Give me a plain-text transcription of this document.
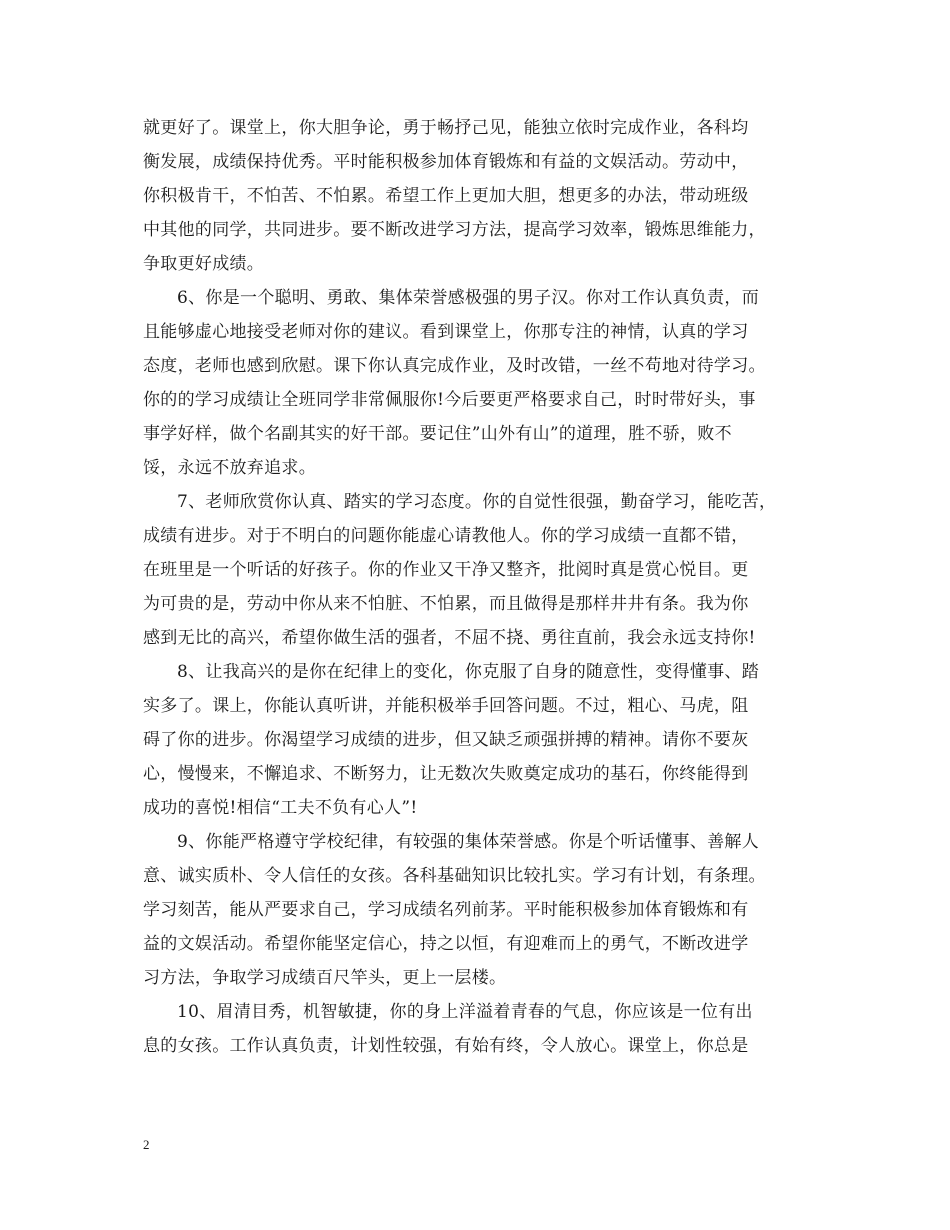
就更好了。课堂上，你大胆争论，勇于畅抒己见，能独立依时完成作业，各科均
衡发展，成绩保持优秀。平时能积极参加体育锻炼和有益的文娱活动。劳动中，
你积极肯干，不怕苦、不怕累。希望工作上更加大胆，想更多的办法，带动班级
中其他的同学，共同进步。要不断改进学习方法，提高学习效率，锻炼思维能力，
争取更好成绩。
6、你是一个聪明、勇敢、集体荣誉感极强的男子汉。你对工作认真负责，而
且能够虚心地接受老师对你的建议。看到课堂上，你那专注的神情，认真的学习
态度，老师也感到欣慰。课下你认真完成作业，及时改错，一丝不苟地对待学习。
你的的学习成绩让全班同学非常佩服你!今后要更严格要求自己，时时带好头，事
事学好样，做个名副其实的好干部。要记住”山外有山”的道理，胜不骄，败不
馁，永远不放弃追求。
7、老师欣赏你认真、踏实的学习态度。你的自觉性很强，勤奋学习，能吃苦，
成绩有进步。对于不明白的问题你能虚心请教他人。你的学习成绩一直都不错，
在班里是一个听话的好孩子。你的作业又干净又整齐，批阅时真是赏心悦目。更
为可贵的是，劳动中你从来不怕脏、不怕累，而且做得是那样井井有条。我为你
感到无比的高兴，希望你做生活的强者，不屈不挠、勇往直前，我会永远支持你!
8、让我高兴的是你在纪律上的变化，你克服了自身的随意性，变得懂事、踏
实多了。课上，你能认真听讲，并能积极举手回答问题。不过，粗心、马虎，阻
碍了你的进步。你渴望学习成绩的进步，但又缺乏顽强拼搏的精神。请你不要灰
心，慢慢来，不懈追求、不断努力，让无数次失败奠定成功的基石，你终能得到
成功的喜悦!相信“工夫不负有心人”!
9、你能严格遵守学校纪律，有较强的集体荣誉感。你是个听话懂事、善解人
意、诚实质朴、令人信任的女孩。各科基础知识比较扎实。学习有计划，有条理。
学习刻苦，能从严要求自己，学习成绩名列前茅。平时能积极参加体育锻炼和有
益的文娱活动。希望你能坚定信心，持之以恒，有迎难而上的勇气，不断改进学
习方法，争取学习成绩百尺竿头，更上一层楼。
10、眉清目秀，机智敏捷，你的身上洋溢着青春的气息，你应该是一位有出
息的女孩。工作认真负责，计划性较强，有始有终，令人放心。课堂上，你总是
2
